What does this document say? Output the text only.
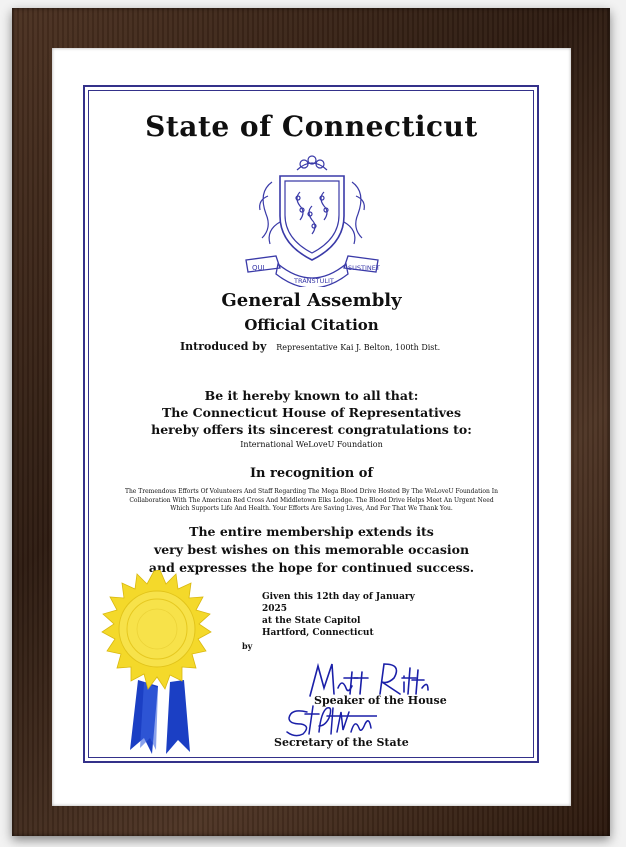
State of Connecticut
QUI
TRANSTULIT
SUSTINET
General Assembly
Official Citation
Introduced by Representative Kai J. Belton, 100th Dist.
Be it hereby known to all that:
The Connecticut House of Representatives
hereby offers its sincerest congratulations to:
International WeLoveU Foundation
In recognition of
The Tremendous Efforts Of Volunteers And Staff Regarding The Mega Blood Drive Hosted By The WeLoveU Foundation In Collaboration With The American Red Cross And Middletown Elks Lodge. The Blood Drive Helps Meet An Urgent Need Which Supports Life And Health. Your Efforts Are Saving Lives, And For That We Thank You.
The entire membership extends its
very best wishes on this memorable occasion
and expresses the hope for continued success.
Given this 12th day of January 2025
at the State Capitol
Hartford, Connecticut
by
Speaker of the House
Secretary of the State
